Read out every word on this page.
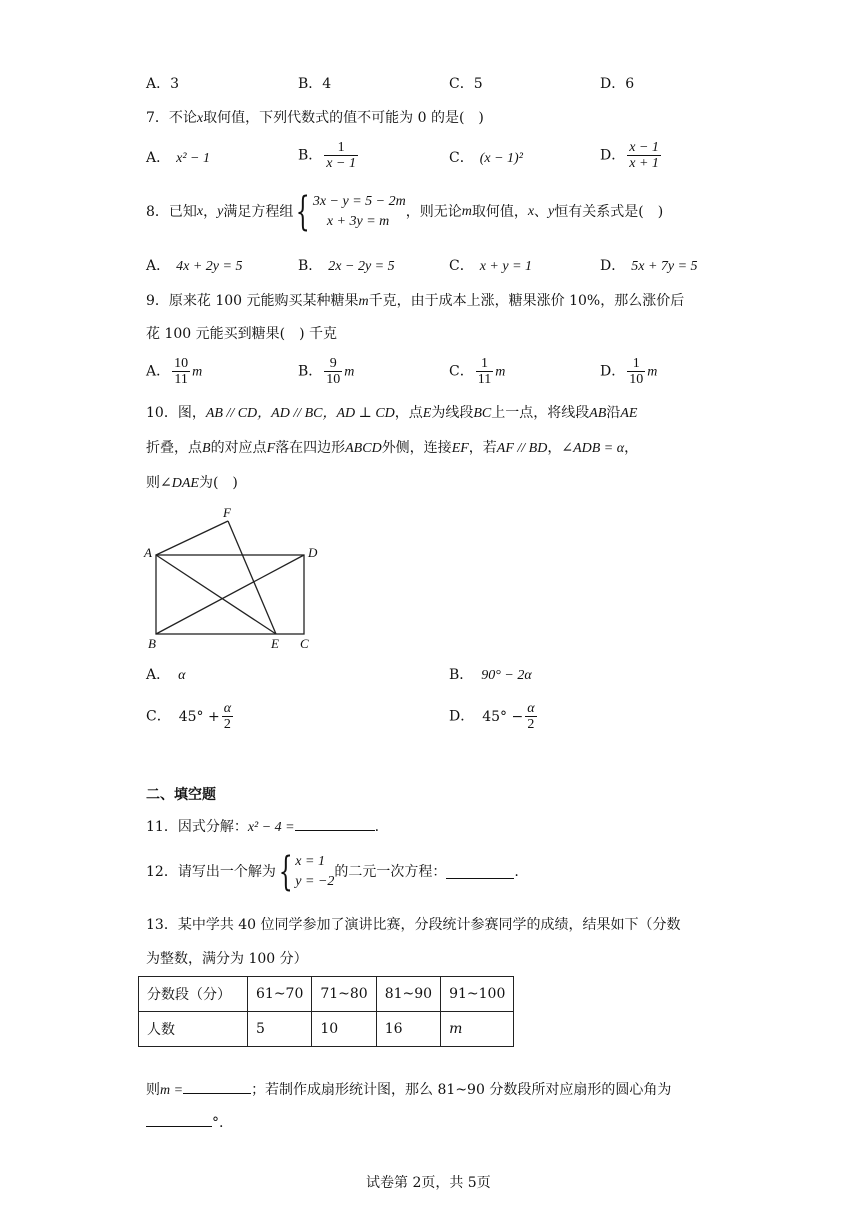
A．3	B．4	C．5	D．6
7．不论x取何值，下列代数式的值不可能为 0 的是(　)
A． x² − 1	B． $\frac{1}{x - 1}$	C． (x − 1)²	D． $\frac{x - 1}{x + 1}$
8．已知 x ， y 满足方程组 { 3x − y = 5 − 2m
x + 3y = m
，则无论 m 取何值， x 、 y 恒有关系式是(　)
A． 4x + 2y = 5	B． 2x − 2y = 5	C． x + y = 1	D． 5x + 7y = 5
9．原来花 100 元能购买某种糖果m千克，由于成本上涨，糖果涨价 10%，那么涨价后
花 100 元能买到糖果(　) 千克
A． $\frac{10}{11}$ m	B． $\frac{9}{10}$ m	C． $\frac{1}{11}$ m	D． $\frac{1}{10}$ m
10．图，AB // CD，AD // BC，AD ⊥ CD，点E为线段BC上一点，将线段AB沿AE
折叠，点B的对应点F落在四边形ABCD外侧，连接EF，若AF // BD，∠ADB = α，
则∠DAE为(　)
A	D
B	E C
F
A． α	B． 90° − 2α
C． $45^\circ + \frac{\alpha}{2}$	D． $45^\circ - \frac{\alpha}{2}$
二、填空题
11．因式分解：x² − 4 =	.
12．请写出一个解为 { x = 1
y = −2
的二元一次方程：	.
13．某中学共 40 位同学参加了演讲比赛，分段统计参赛同学的成绩，结果如下（分数
为整数，满分为 100 分）
分数段（分）	61~70	71~80	81~90	91~100
人数	5	10	16	m
则m =	；若制作成扇形统计图，那么 81~90 分数段所对应扇形的圆心角为
°.
试卷第 2页，共 5页
